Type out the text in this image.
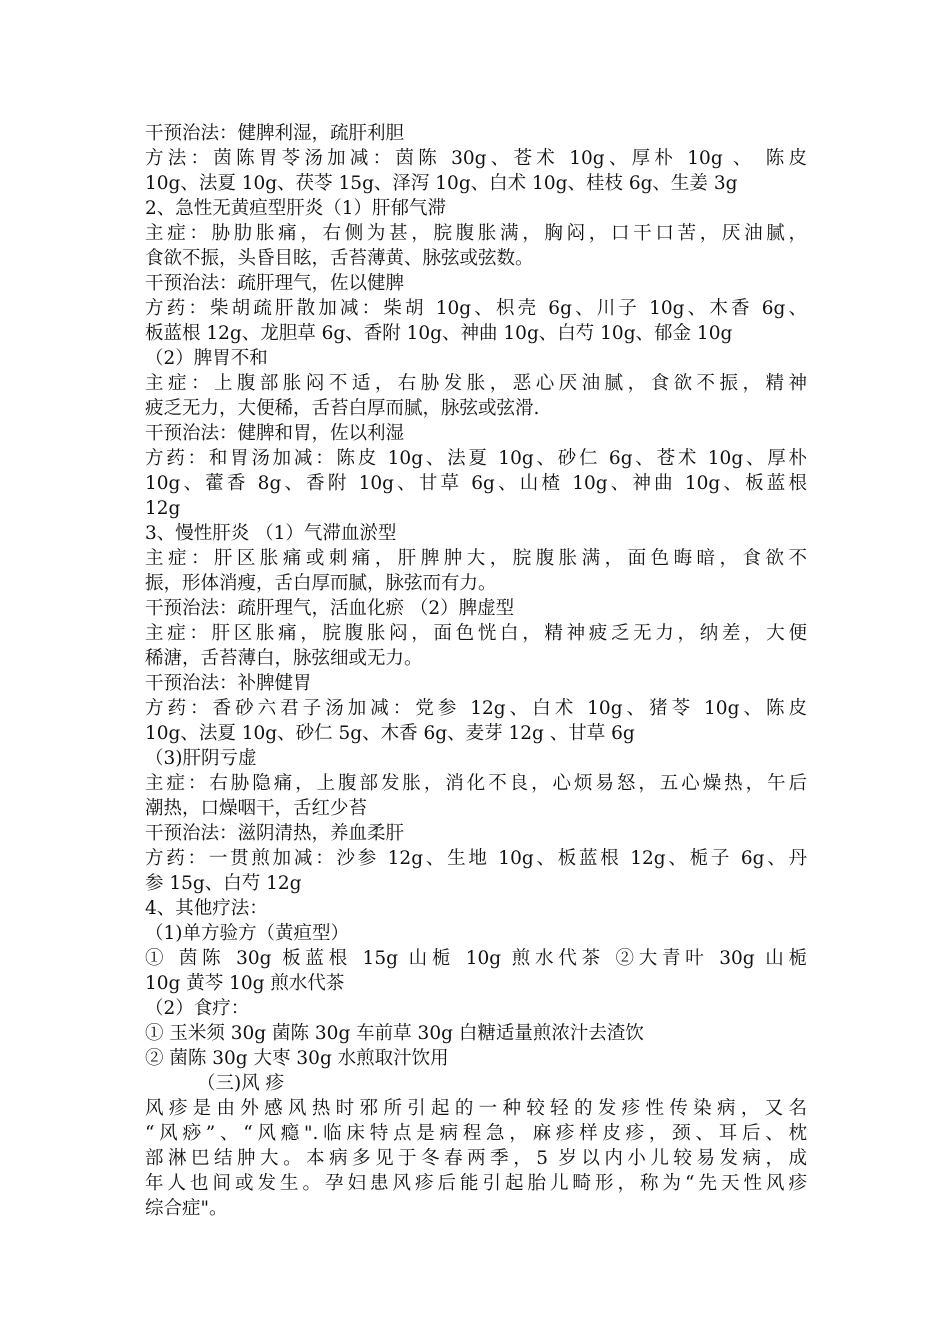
干预治法：健脾利湿，疏肝利胆
方法：茵陈胃苓汤加减：茵陈 30g、苍术 10g、厚朴 10g 、 陈皮
10g、法夏 10g、茯苓 15g、泽泻 10g、白术 10g、桂枝 6g、生姜 3g
2、急性无黄疸型肝炎（1）肝郁气滞
主症：胁肋胀痛，右侧为甚，脘腹胀满，胸闷，口干口苦，厌油腻，
食欲不振，头昏目眩，舌苔薄黄、脉弦或弦数。
干预治法：疏肝理气，佐以健脾
方药：柴胡疏肝散加减：柴胡 10g、枳壳 6g、川子 10g、木香 6g、
板蓝根 12g、龙胆草 6g、香附 10g、神曲 10g、白芍 10g、郁金 10g
（2）脾胃不和
主症：上腹部胀闷不适，右胁发胀，恶心厌油腻，食欲不振，精神
疲乏无力，大便稀，舌苔白厚而腻，脉弦或弦滑.
干预治法：健脾和胃，佐以利湿
方药：和胃汤加减：陈皮 10g、法夏 10g、砂仁 6g、苍术 10g、厚朴
10g、藿香 8g、香附 10g、甘草 6g、山楂 10g、神曲 10g、板蓝根
12g
3、慢性肝炎 （1）气滞血淤型
主症：肝区胀痛或刺痛，肝脾肿大，脘腹胀满，面色晦暗，食欲不
振，形体消瘦，舌白厚而腻，脉弦而有力。
干预治法：疏肝理气，活血化瘀 （2）脾虚型
主症：肝区胀痛，脘腹胀闷，面色恍白，精神疲乏无力，纳差，大便
稀溏，舌苔薄白，脉弦细或无力。
干预治法：补脾健胃
方药：香砂六君子汤加减：党参 12g、白术 10g、猪苓 10g、陈皮
10g、法夏 10g、砂仁 5g、木香 6g、麦芽 12g 、甘草 6g
（3)肝阴亏虚
主症：右胁隐痛，上腹部发胀，消化不良，心烦易怒，五心燥热，午后
潮热，口燥咽干，舌红少苔
干预治法：滋阴清热，养血柔肝
方药：一贯煎加减：沙参 12g、生地 10g、板蓝根 12g、栀子 6g、丹
参 15g、白芍 12g
4、其他疗法：
（1)单方验方（黄疸型）
① 茵陈 30g 板蓝根 15g 山栀 10g 煎水代茶 ②大青叶 30g 山栀
10g 黄芩 10g 煎水代茶
（2）食疗：
① 玉米须 30g 菌陈 30g 车前草 30g 白糖适量煎浓汁去渣饮
② 菌陈 30g 大枣 30g 水煎取汁饮用
（三)风 疹
风疹是由外感风热时邪所引起的一种较轻的发疹性传染病，又名
“风痧”、“风瘾".临床特点是病程急，麻疹样皮疹，颈、耳后、枕
部淋巴结肿大。本病多见于冬春两季，5 岁以内小儿较易发病，成
年人也间或发生。孕妇患风疹后能引起胎儿畸形，称为“先天性风疹
综合症"。
